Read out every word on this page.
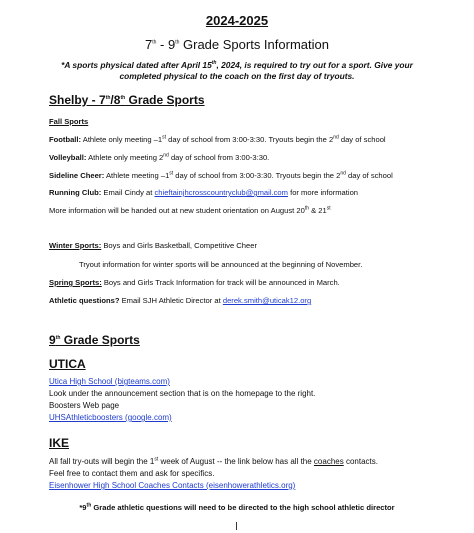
2024-2025
7th - 9th Grade Sports Information
*A sports physical dated after April 15th, 2024, is required to try out for a sport. Give your completed physical to the coach on the first day of tryouts.
Shelby - 7th/8th Grade Sports
Fall Sports
Football: Athlete only meeting –1st day of school from 3:00-3:30. Tryouts begin the 2nd day of school
Volleyball: Athlete only meeting 2nd day of school from 3:00-3:30.
Sideline Cheer: Athlete meeting –1st day of school from 3:00-3:30. Tryouts begin the 2nd day of school
Running Club: Email Cindy at chieftainjhcrosscountryclub@gmail.com for more information
More information will be handed out at new student orientation on August 20th & 21st
Winter Sports: Boys and Girls Basketball, Competitive Cheer
Tryout information for winter sports will be announced at the beginning of November.
Spring Sports: Boys and Girls Track Information for track will be announced in March.
Athletic questions? Email SJH Athletic Director at derek.smith@uticak12.org
9th Grade Sports
UTICA
Utica High School (bigteams.com)
Look under the announcement section that is on the homepage to the right.
Boosters Web page
UHSAthleticboosters (google.com)
IKE
All fall try-outs will begin the 1st week of August -- the link below has all the coaches contacts.
Feel free to contact them and ask for specifics.
Eisenhower High School Coaches Contacts (eisenhowerathletics.org)
*9th Grade athletic questions will need to be directed to the high school athletic director
